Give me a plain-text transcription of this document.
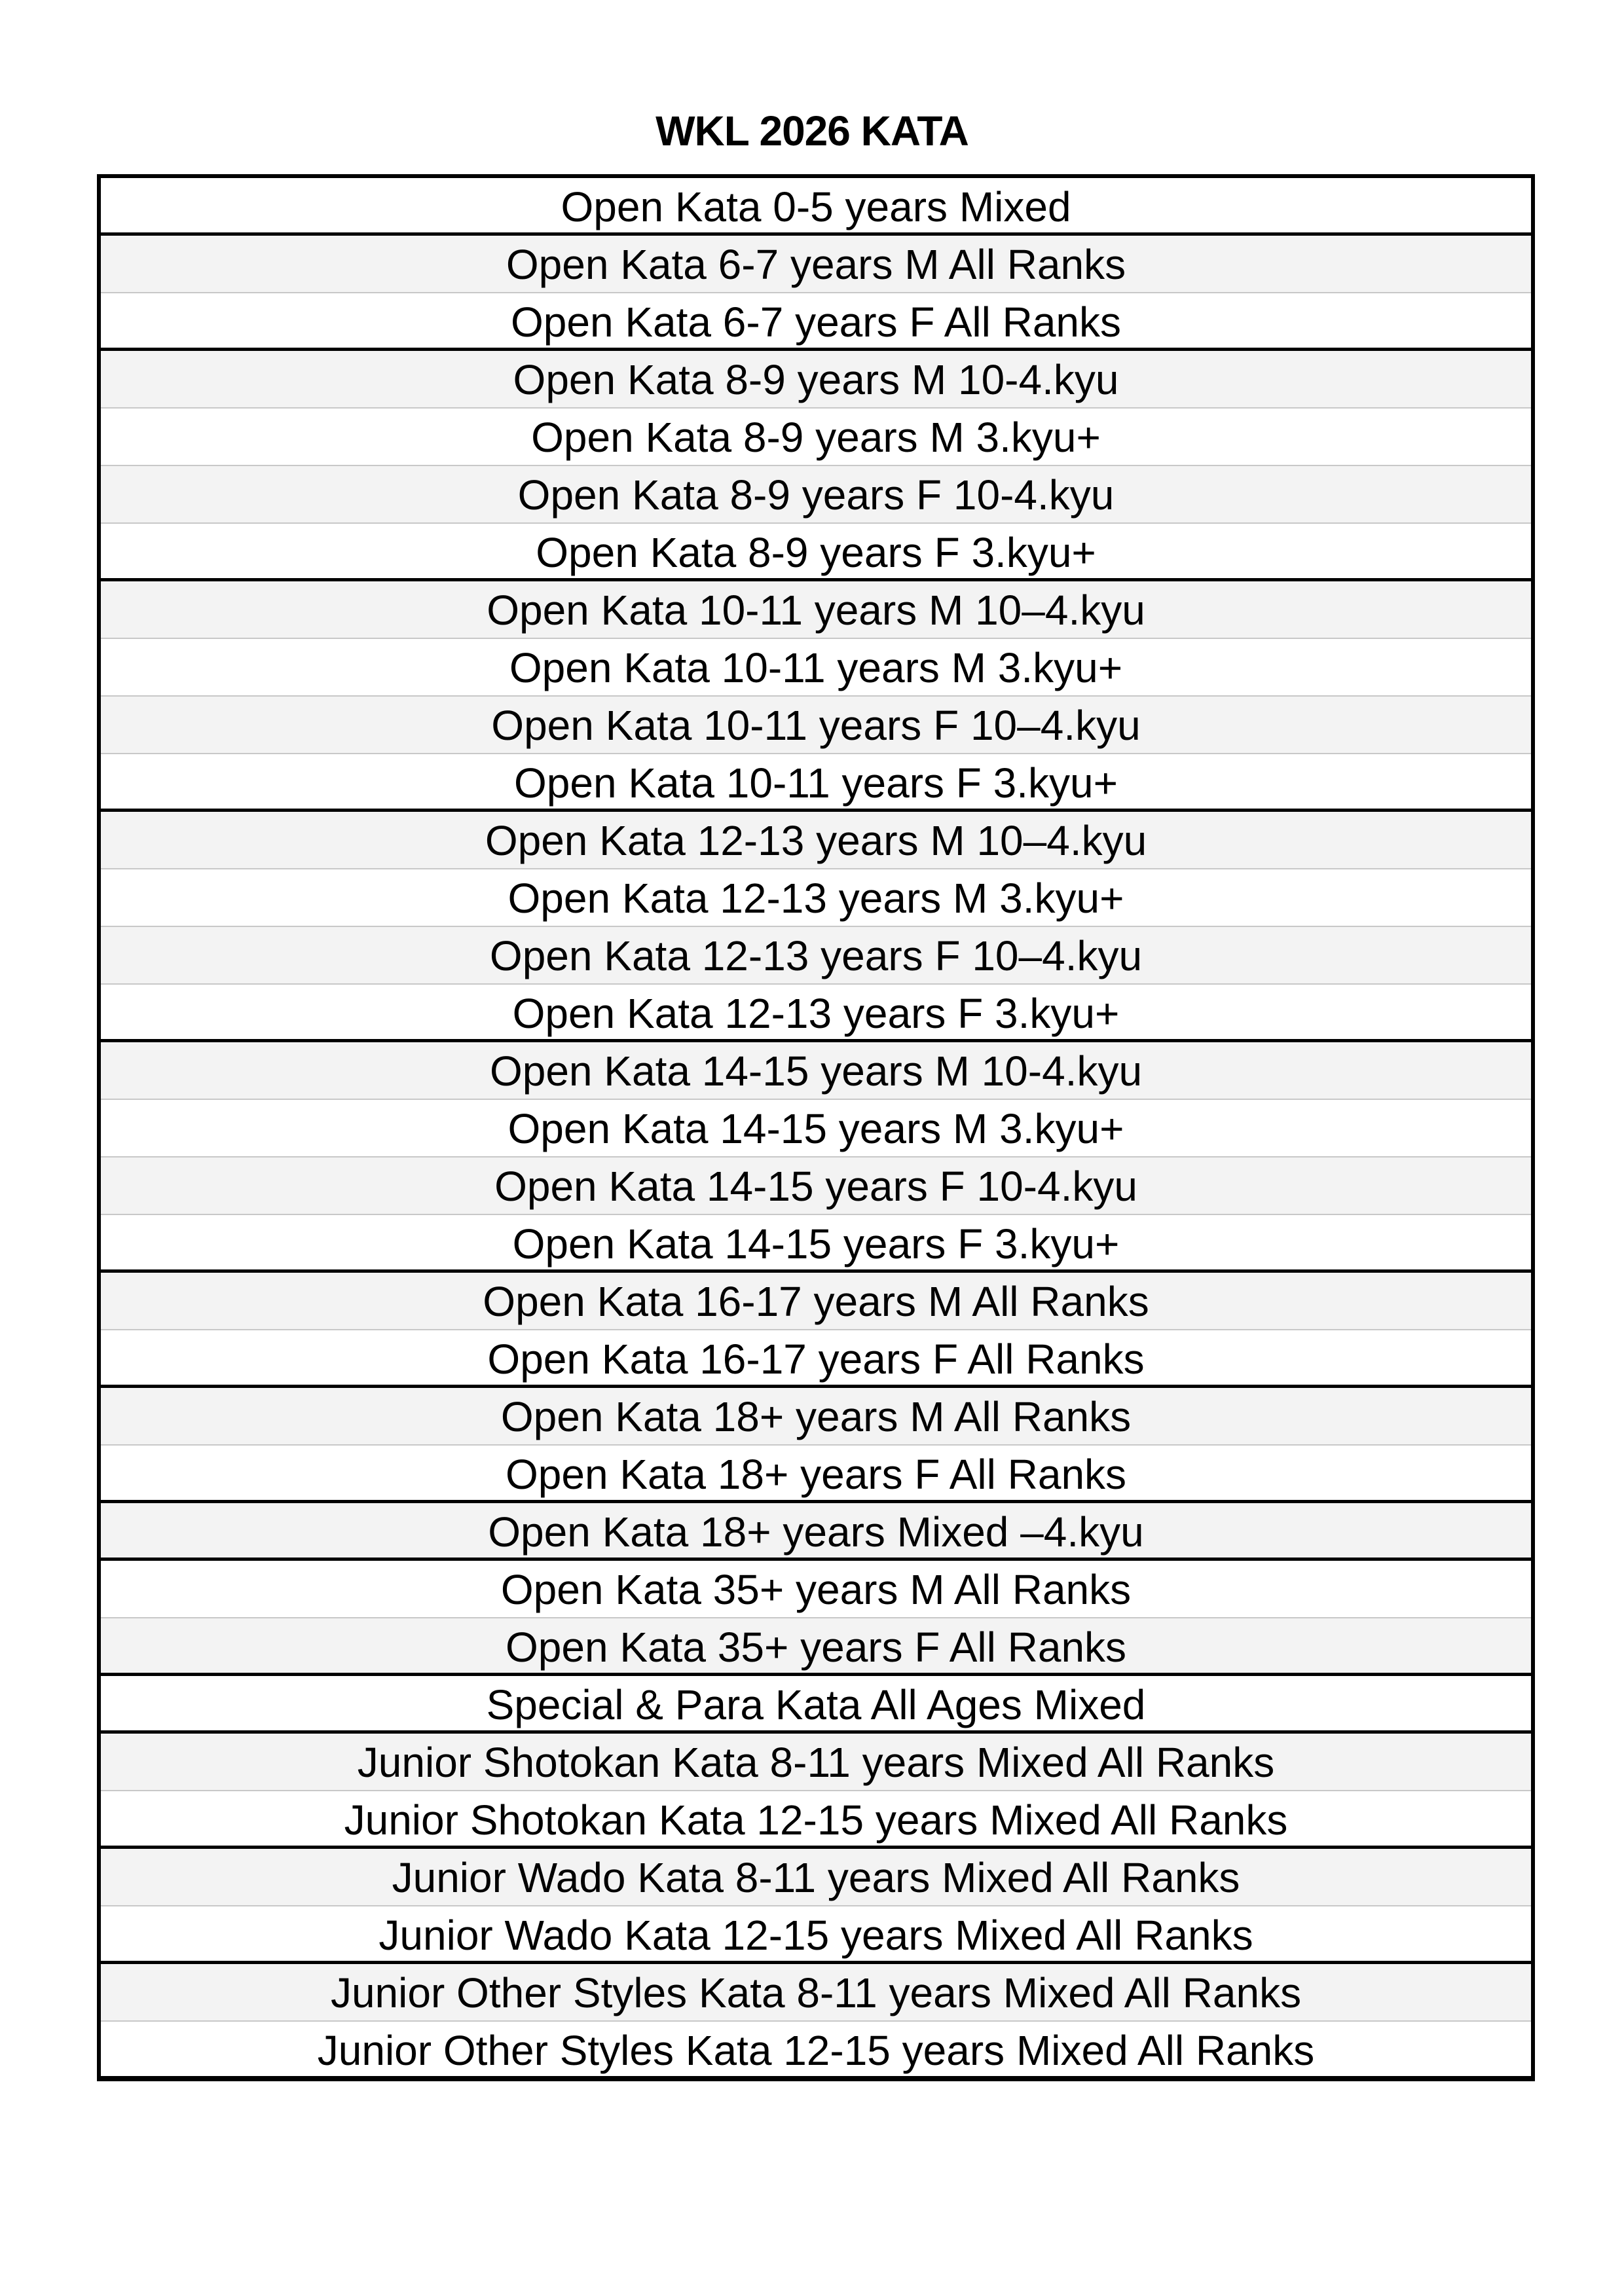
WKL 2026 KATA
Open Kata 0-5 years Mixed
Open Kata 6-7 years M All Ranks
Open Kata 6-7 years F All Ranks
Open Kata 8-9 years M 10-4.kyu
Open Kata 8-9 years M 3.kyu+
Open Kata 8-9 years F 10-4.kyu
Open Kata 8-9 years F 3.kyu+
Open Kata 10-11 years M 10–4.kyu
Open Kata 10-11 years M 3.kyu+
Open Kata 10-11 years F 10–4.kyu
Open Kata 10-11 years F 3.kyu+
Open Kata 12-13 years M 10–4.kyu
Open Kata 12-13 years M 3.kyu+
Open Kata 12-13 years F 10–4.kyu
Open Kata 12-13 years F 3.kyu+
Open Kata 14-15 years M 10-4.kyu
Open Kata 14-15 years M 3.kyu+
Open Kata 14-15 years F 10-4.kyu
Open Kata 14-15 years F 3.kyu+
Open Kata 16-17 years M All Ranks
Open Kata 16-17 years F All Ranks
Open Kata 18+ years M All Ranks
Open Kata 18+ years F All Ranks
Open Kata 18+ years Mixed –4.kyu
Open Kata 35+ years M All Ranks
Open Kata 35+ years F All Ranks
Special & Para Kata All Ages Mixed
Junior Shotokan Kata 8-11 years Mixed All Ranks
Junior Shotokan Kata 12-15 years Mixed All Ranks
Junior Wado Kata 8-11 years Mixed All Ranks
Junior Wado Kata 12-15 years Mixed All Ranks
Junior Other Styles Kata 8-11 years Mixed All Ranks
Junior Other Styles Kata 12-15 years Mixed All Ranks
